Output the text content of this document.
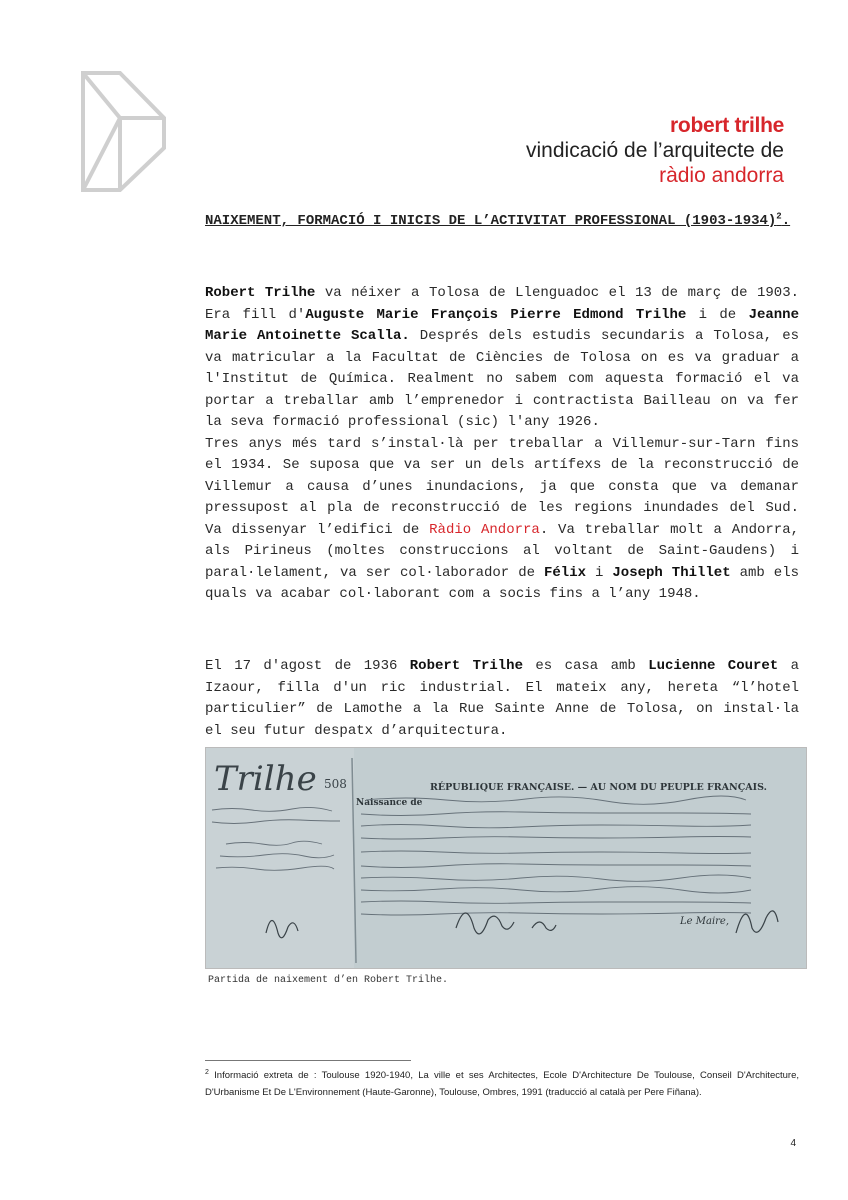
robert trilhe
vindicació de l’arquitecte de
ràdio andorra
NAIXEMENT, FORMACIÓ I INICIS DE L’ACTIVITAT PROFESSIONAL (1903-1934)$^2$.
Robert Trilhe va néixer a Tolosa de Llenguadoc el 13 de març de 1903. Era fill d'Auguste Marie François Pierre Edmond Trilhe i de Jeanne Marie Antoinette Scalla. Després dels estudis secundaris a Tolosa, es va matricular a la Facultat de Ciències de Tolosa on es va graduar a l'Institut de Química. Realment no sabem com aquesta formació el va portar a treballar amb l’emprenedor i contractista Bailleau on va fer la seva formació professional (sic) l'any 1926.
Tres anys més tard s’instal·là per treballar a Villemur-sur-Tarn fins el 1934. Se suposa que va ser un dels artífexs de la reconstrucció de Villemur a causa d’unes inundacions, ja que consta que va demanar pressupost al pla de reconstrucció de les regions inundades del Sud. Va dissenyar l’edifici de Ràdio Andorra. Va treballar molt a Andorra, als Pirineus (moltes construccions al voltant de Saint-Gaudens) i paral·lelament, va ser col·laborador de Félix i Joseph Thillet amb els quals va acabar col·laborant com a socis fins a l’any 1948.
El 17 d'agost de 1936 Robert Trilhe es casa amb Lucienne Couret a Izaour, filla d'un ric industrial. El mateix any, hereta “l’hotel particulier” de Lamothe a la Rue Sainte Anne de Tolosa, on instal·la el seu futur despatx d’arquitectura.
Trilhe 508	RÉPUBLIQUE FRANÇAISE. — AU NOM DU PEUPLE FRANÇAIS.
Naissance de
Le Maire,
Partida de naixement d’en Robert Trilhe.
$^2$ Informació extreta de : Toulouse 1920-1940, La ville et ses Architectes, Ecole D'Architecture De Toulouse, Conseil D'Architecture, D'Urbanisme Et De L'Environnement (Haute-Garonne), Toulouse, Ombres, 1991 (traducció al català per Pere Fiñana).
4
